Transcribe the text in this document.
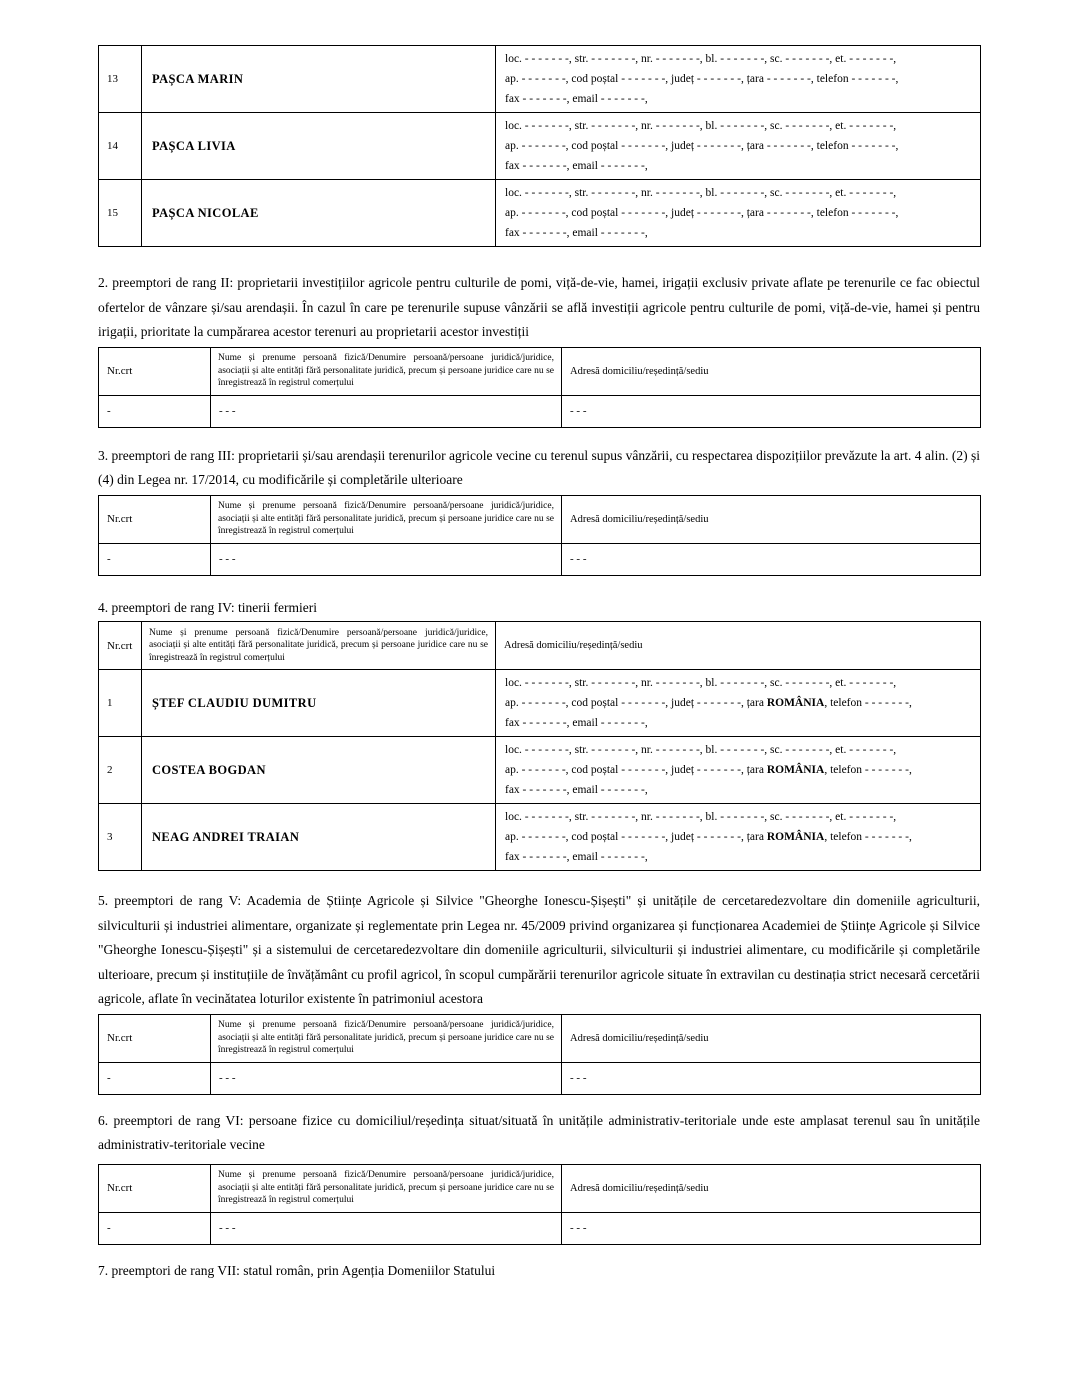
13	PAȘCA MARIN	loc. - - - - - - -, str. - - - - - - -, nr. - - - - - - -, bl. - - - - - - -, sc. - - - - - - -, et. - - - - - - -,
ap. - - - - - - -, cod poștal - - - - - - -, județ - - - - - - -, țara - - - - - - -, telefon - - - - - - -,
fax - - - - - - -, email - - - - - - -,
14	PAȘCA LIVIA	loc. - - - - - - -, str. - - - - - - -, nr. - - - - - - -, bl. - - - - - - -, sc. - - - - - - -, et. - - - - - - -,
ap. - - - - - - -, cod poștal - - - - - - -, județ - - - - - - -, țara - - - - - - -, telefon - - - - - - -,
fax - - - - - - -, email - - - - - - -,
15	PAȘCA NICOLAE	loc. - - - - - - -, str. - - - - - - -, nr. - - - - - - -, bl. - - - - - - -, sc. - - - - - - -, et. - - - - - - -,
ap. - - - - - - -, cod poștal - - - - - - -, județ - - - - - - -, țara - - - - - - -, telefon - - - - - - -,
fax - - - - - - -, email - - - - - - -,

2. preemptori de rang II: proprietarii investițiilor agricole pentru culturile de pomi, viță-de-vie, hamei, irigații exclusiv private aflate pe terenurile ce fac obiectul ofertelor de vânzare și/sau arendașii. În cazul în care pe terenurile supuse vânzării se află investiții agricole pentru culturile de pomi, viță-de-vie, hamei și pentru irigații, prioritate la cumpărarea acestor terenuri au proprietarii acestor investiții

Nr.crt	Nume și prenume persoană fizică/Denumire persoană/persoane juridică/juridice, asociații și alte entități fără personalitate juridică, precum și persoane juridice care nu se înregistrează în registrul comerțului	Adresă domiciliu/reședință/sediu
-	- - -	- - -

3. preemptori de rang III: proprietarii și/sau arendașii terenurilor agricole vecine cu terenul supus vânzării, cu respectarea dispozițiilor prevăzute la art. 4 alin. (2) și (4) din Legea nr. 17/2014, cu modificările și completările ulterioare

Nr.crt	Nume și prenume persoană fizică/Denumire persoană/persoane juridică/juridice, asociații și alte entități fără personalitate juridică, precum și persoane juridice care nu se înregistrează în registrul comerțului	Adresă domiciliu/reședință/sediu
-	- - -	- - -

4. preemptori de rang IV: tinerii fermieri

Nr.crt	Nume și prenume persoană fizică/Denumire persoană/persoane juridică/juridice, asociații și alte entități fără personalitate juridică, precum și persoane juridice care nu se înregistrează în registrul comerțului	Adresă domiciliu/reședință/sediu
1	ȘTEF CLAUDIU DUMITRU	loc. - - - - - - -, str. - - - - - - -, nr. - - - - - - -, bl. - - - - - - -, sc. - - - - - - -, et. - - - - - - -,
ap. - - - - - - -, cod poștal - - - - - - -, județ - - - - - - -, țara ROMÂNIA, telefon - - - - - - -,
fax - - - - - - -, email - - - - - - -,
2	COSTEA BOGDAN	loc. - - - - - - -, str. - - - - - - -, nr. - - - - - - -, bl. - - - - - - -, sc. - - - - - - -, et. - - - - - - -,
ap. - - - - - - -, cod poștal - - - - - - -, județ - - - - - - -, țara ROMÂNIA, telefon - - - - - - -,
fax - - - - - - -, email - - - - - - -,
3	NEAG ANDREI TRAIAN	loc. - - - - - - -, str. - - - - - - -, nr. - - - - - - -, bl. - - - - - - -, sc. - - - - - - -, et. - - - - - - -,
ap. - - - - - - -, cod poștal - - - - - - -, județ - - - - - - -, țara ROMÂNIA, telefon - - - - - - -,
fax - - - - - - -, email - - - - - - -,

5. preemptori de rang V: Academia de Științe Agricole și Silvice "Gheorghe Ionescu-Șișești" și unitățile de cercetaredezvoltare din domeniile agriculturii, silviculturii și industriei alimentare, organizate și reglementate prin Legea nr. 45/2009 privind organizarea și funcționarea Academiei de Științe Agricole și Silvice "Gheorghe Ionescu-Șișești" și a sistemului de cercetaredezvoltare din domeniile agriculturii, silviculturii și industriei alimentare, cu modificările și completările ulterioare, precum și instituțiile de învățământ cu profil agricol, în scopul cumpărării terenurilor agricole situate în extravilan cu destinația strict necesară cercetării agricole, aflate în vecinătatea loturilor existente în patrimoniul acestora

Nr.crt	Nume și prenume persoană fizică/Denumire persoană/persoane juridică/juridice, asociații și alte entități fără personalitate juridică, precum și persoane juridice care nu se înregistrează în registrul comerțului	Adresă domiciliu/reședință/sediu
-	- - -	- - -

6. preemptori de rang VI: persoane fizice cu domiciliul/reședința situat/situată în unitățile administrativ-teritoriale unde este amplasat terenul sau în unitățile administrativ-teritoriale vecine

Nr.crt	Nume și prenume persoană fizică/Denumire persoană/persoane juridică/juridice, asociații și alte entități fără personalitate juridică, precum și persoane juridice care nu se înregistrează în registrul comerțului	Adresă domiciliu/reședință/sediu
-	- - -	- - -

7. preemptori de rang VII: statul român, prin Agenția Domeniilor Statului
